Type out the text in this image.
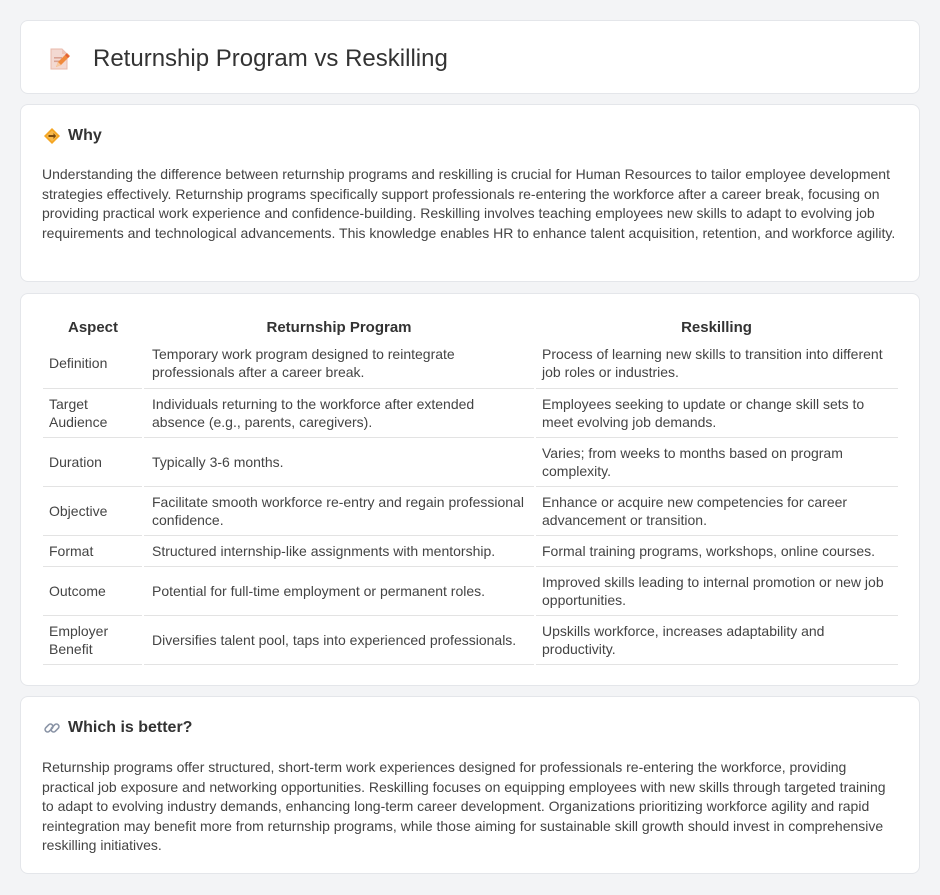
Returnship Program vs Reskilling
Why

Understanding the difference between returnship programs and reskilling is crucial for Human Resources to tailor employee development strategies effectively. Returnship programs specifically support professionals re-entering the workforce after a career break, focusing on providing practical work experience and confidence-building. Reskilling involves teaching employees new skills to adapt to evolving job requirements and technological advancements. This knowledge enables HR to enhance talent acquisition, retention, and workforce agility.

Aspect	Returnship Program	Reskilling
Definition	Temporary work program designed to reintegrate professionals after a career break.	Process of learning new skills to transition into different job roles or industries.
Target Audience	Individuals returning to the workforce after extended absence (e.g., parents, caregivers).	Employees seeking to update or change skill sets to meet evolving job demands.
Duration	Typically 3-6 months.	Varies; from weeks to months based on program complexity.
Objective	Facilitate smooth workforce re-entry and regain professional confidence.	Enhance or acquire new competencies for career advancement or transition.
Format	Structured internship-like assignments with mentorship.	Formal training programs, workshops, online courses.
Outcome	Potential for full-time employment or permanent roles.	Improved skills leading to internal promotion or new job opportunities.
Employer Benefit	Diversifies talent pool, taps into experienced professionals.	Upskills workforce, increases adaptability and productivity.
Which is better?

Returnship programs offer structured, short-term work experiences designed for professionals re-entering the workforce, providing practical job exposure and networking opportunities. Reskilling focuses on equipping employees with new skills through targeted training to adapt to evolving industry demands, enhancing long-term career development. Organizations prioritizing workforce agility and rapid reintegration may benefit more from returnship programs, while those aiming for sustainable skill growth should invest in comprehensive reskilling initiatives.
